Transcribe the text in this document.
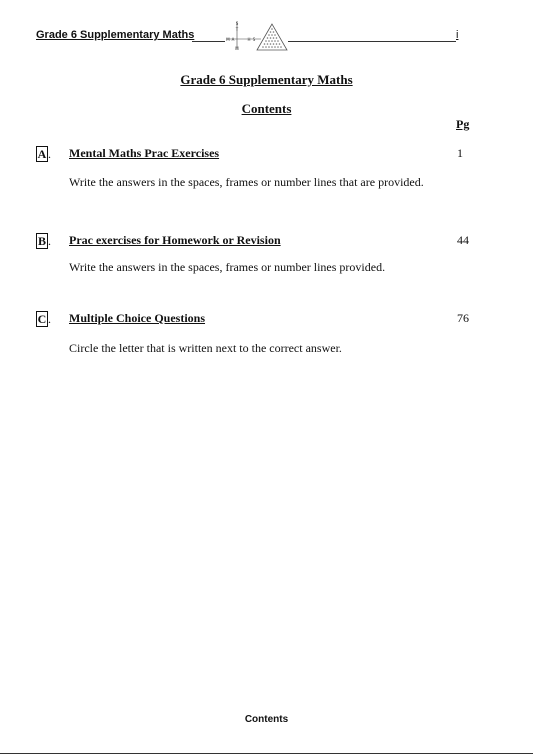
Grade 6 Supplementary Maths
S
T
M
M A	H S	i
Grade 6 Supplementary Maths
Contents
Pg
A . Mental Maths Prac Exercises	1
Write the answers in the spaces, frames or number lines that are provided.
B . Prac exercises for Homework or Revision	44
Write the answers in the spaces, frames or number lines provided.
C . Multiple Choice Questions	76
Circle the letter that is written next to the correct answer.
Contents
